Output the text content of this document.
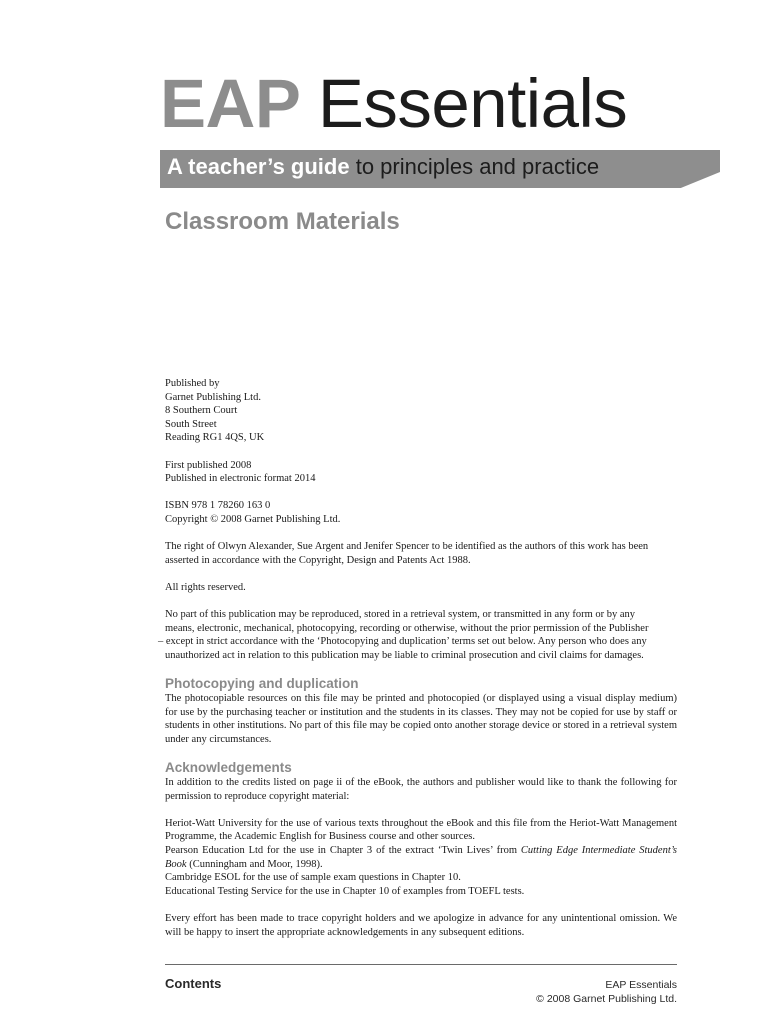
EAP Essentials
A teacher’s guide to principles and practice
Classroom Materials

Published by
Garnet Publishing Ltd.
8 Southern Court
South Street
Reading RG1 4QS, UK

First published 2008
Published in electronic format 2014

ISBN 978 1 78260 163 0
Copyright © 2008 Garnet Publishing Ltd.

The right of Olwyn Alexander, Sue Argent and Jenifer Spencer to be identified as the authors of this work has been
asserted in accordance with the Copyright, Design and Patents Act 1988.

All rights reserved.

No part of this publication may be reproduced, stored in a retrieval system, or transmitted in any form or by any
means, electronic, mechanical, photocopying, recording or otherwise, without the prior permission of the Publisher
– except in strict accordance with the ‘Photocopying and duplication’ terms set out below. Any person who does any
unauthorized act in relation to this publication may be liable to criminal prosecution and civil claims for damages.

Photocopying and duplication

The photocopiable resources on this file may be printed and photocopied (or displayed using a visual display medium) for use by the purchasing teacher or institution and the students in its classes. They may not be copied for use by staff or students in other institutions. No part of this file may be copied onto another storage device or stored in a retrieval system under any circumstances.

Acknowledgements

In addition to the credits listed on page ii of the eBook, the authors and publisher would like to thank the following for permission to reproduce copyright material:

Heriot-Watt University for the use of various texts throughout the eBook and this file from the Heriot-Watt Management Programme, the Academic English for Business course and other sources.

Pearson Education Ltd for the use in Chapter 3 of the extract ‘Twin Lives’ from Cutting Edge Intermediate Student’s Book (Cunningham and Moor, 1998).

Cambridge ESOL for the use of sample exam questions in Chapter 10.

Educational Testing Service for the use in Chapter 10 of examples from TOEFL tests.

Every effort has been made to trace copyright holders and we apologize in advance for any unintentional omission. We will be happy to insert the appropriate acknowledgements in any subsequent editions.

Contents	EAP Essentials
© 2008 Garnet Publishing Ltd.
